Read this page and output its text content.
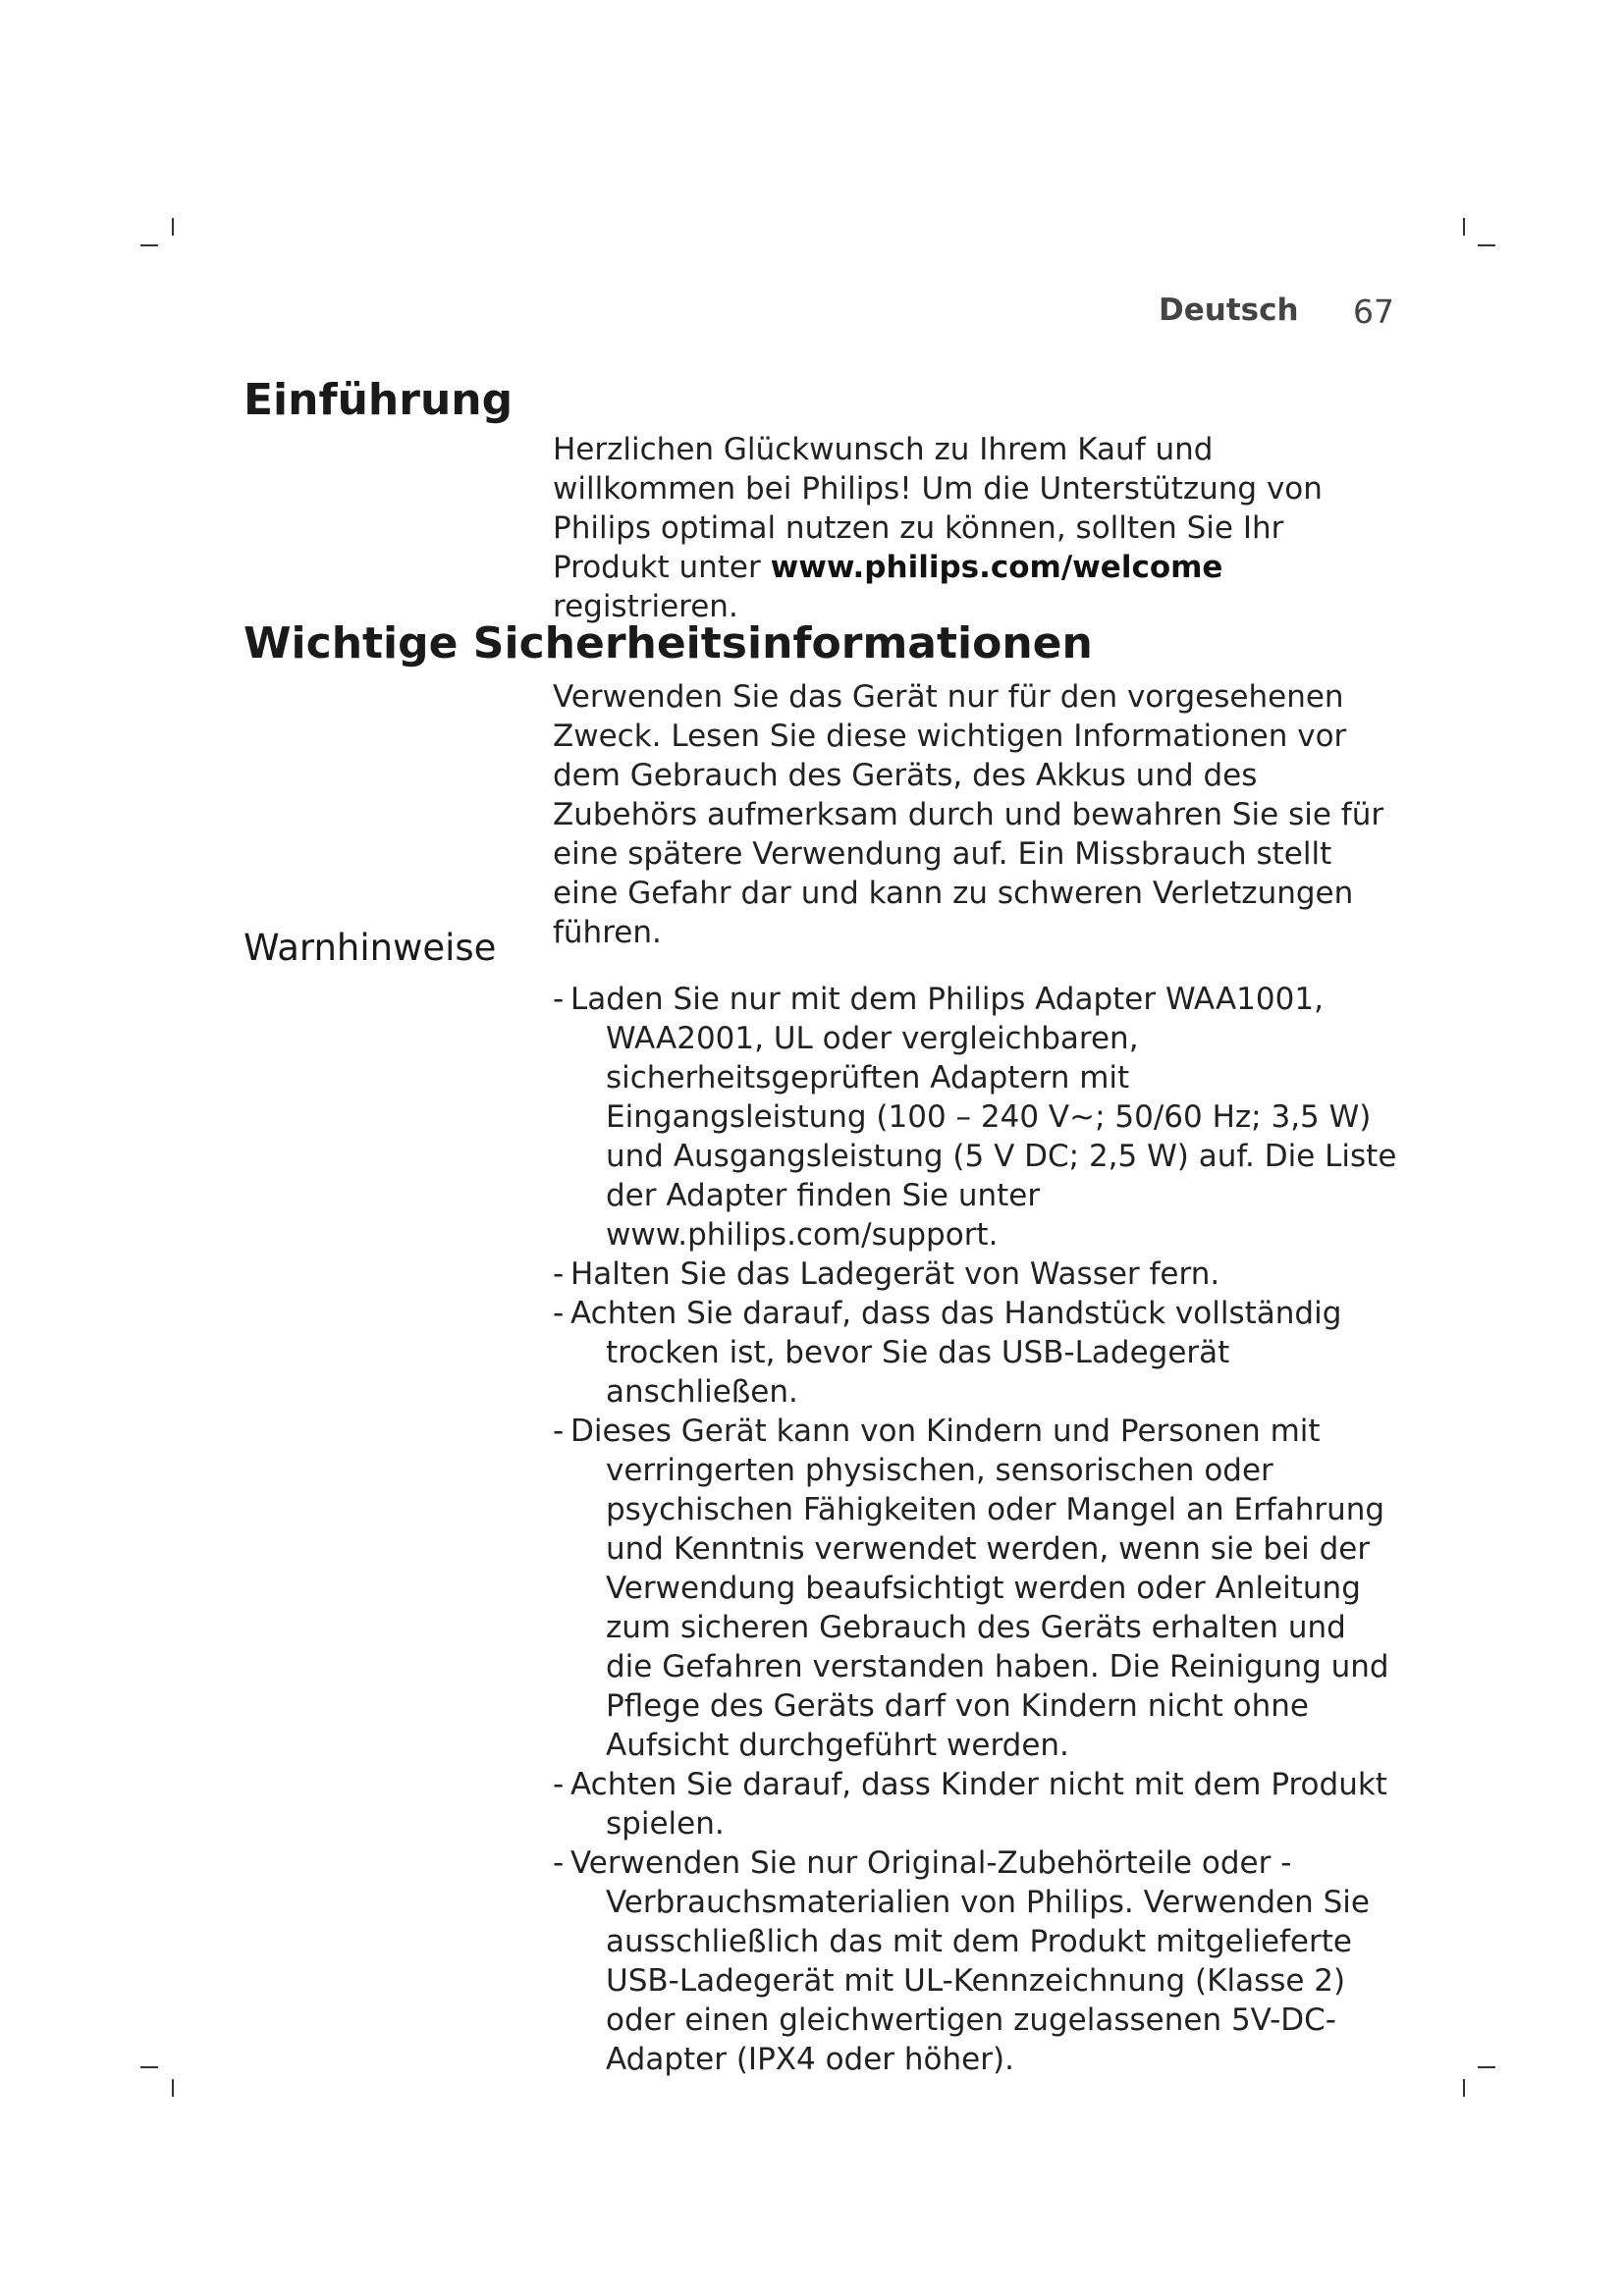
Deutsch 67
Einführung

Herzlichen Glückwunsch zu Ihrem Kauf und willkommen bei Philips! Um die Unterstützung von Philips optimal nutzen zu können, sollten Sie Ihr Produkt unter www.philips.com/welcome registrieren.

Wichtige Sicherheitsinformationen

Verwenden Sie das Gerät nur für den vorgesehenen Zweck. Lesen Sie diese wichtigen Informationen vor dem Gebrauch des Geräts, des Akkus und des Zubehörs aufmerksam durch und bewahren Sie sie für eine spätere Verwendung auf. Ein Missbrauch stellt eine Gefahr dar und kann zu schweren Verletzungen führen.

Warnhinweise
- Laden Sie nur mit dem Philips Adapter WAA1001, WAA2001, UL oder vergleichbaren, sicherheitsgeprüften Adaptern mit Eingangsleistung (100 – 240 V~; 50/60 Hz; 3,5 W) und Ausgangsleistung (5 V DC; 2,5 W) auf. Die Liste der Adapter finden Sie unter www.philips.com/support.
- Halten Sie das Ladegerät von Wasser fern.
- Achten Sie darauf, dass das Handstück vollständig trocken ist, bevor Sie das USB-Ladegerät anschließen.
- Dieses Gerät kann von Kindern und Personen mit verringerten physischen, sensorischen oder psychischen Fähigkeiten oder Mangel an Erfahrung und Kenntnis verwendet werden, wenn sie bei der Verwendung beaufsichtigt werden oder Anleitung zum sicheren Gebrauch des Geräts erhalten und die Gefahren verstanden haben. Die Reinigung und Pflege des Geräts darf von Kindern nicht ohne Aufsicht durchgeführt werden.
- Achten Sie darauf, dass Kinder nicht mit dem Produkt spielen.
- Verwenden Sie nur Original-Zubehörteile oder -Verbrauchsmaterialien von Philips. Verwenden Sie ausschließlich das mit dem Produkt mitgelieferte USB-Ladegerät mit UL-Kennzeichnung (Klasse 2) oder einen gleichwertigen zugelassenen 5V-DC-Adapter (IPX4 oder höher).
